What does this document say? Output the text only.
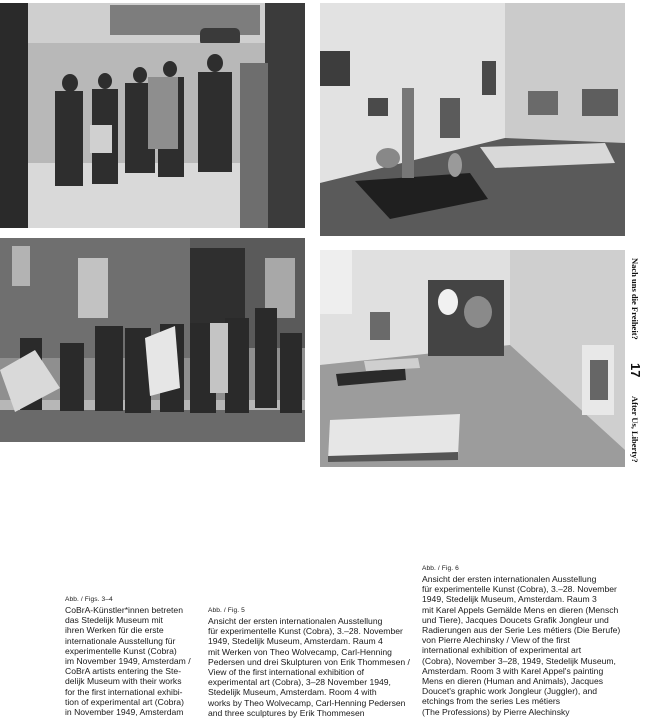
Nach uns die Freiheit?
17
After Us, Liberty?
Abb. / Figs. 3–4

CoBrA-Künstler*innen betreten

das Stedelijk Museum mit

ihren Werken für die erste

internationale Ausstellung für

experimentelle Kunst (Cobra)

im November 1949, Amsterdam /

CoBrA artists entering the Ste-

delijk Museum with their works

for the first international exhibi-

tion of experimental art (Cobra)

in November 1949, Amsterdam

Abb. / Fig. 5

Ansicht der ersten internationalen Ausstellung

für experimentelle Kunst (Cobra), 3.–28. November

1949, Stedelijk Museum, Amsterdam. Raum 4

mit Werken von Theo Wolvecamp, Carl-Henning

Pedersen und drei Skulpturen von Erik Thommesen /

View of the first international exhibition of

experimental art (Cobra), 3–28 November 1949,

Stedelijk Museum, Amsterdam. Room 4 with

works by Theo Wolvecamp, Carl-Henning Pedersen

and three sculptures by Erik Thommesen

Abb. / Fig. 6

Ansicht der ersten internationalen Ausstellung

für experimentelle Kunst (Cobra), 3.–28. November

1949, Stedelijk Museum, Amsterdam. Raum 3

mit Karel Appels Gemälde Mens en dieren (Mensch

und Tiere), Jacques Doucets Grafik Jongleur und

Radierungen aus der Serie Les métiers (Die Berufe)

von Pierre Alechinsky / View of the first

international exhibition of experimental art

(Cobra), November 3–28, 1949, Stedelijk Museum,

Amsterdam. Room 3 with Karel Appel's painting

Mens en dieren (Human and Animals), Jacques

Doucet's graphic work Jongleur (Juggler), and

etchings from the series Les métiers

(The Professions) by Pierre Alechinsky
